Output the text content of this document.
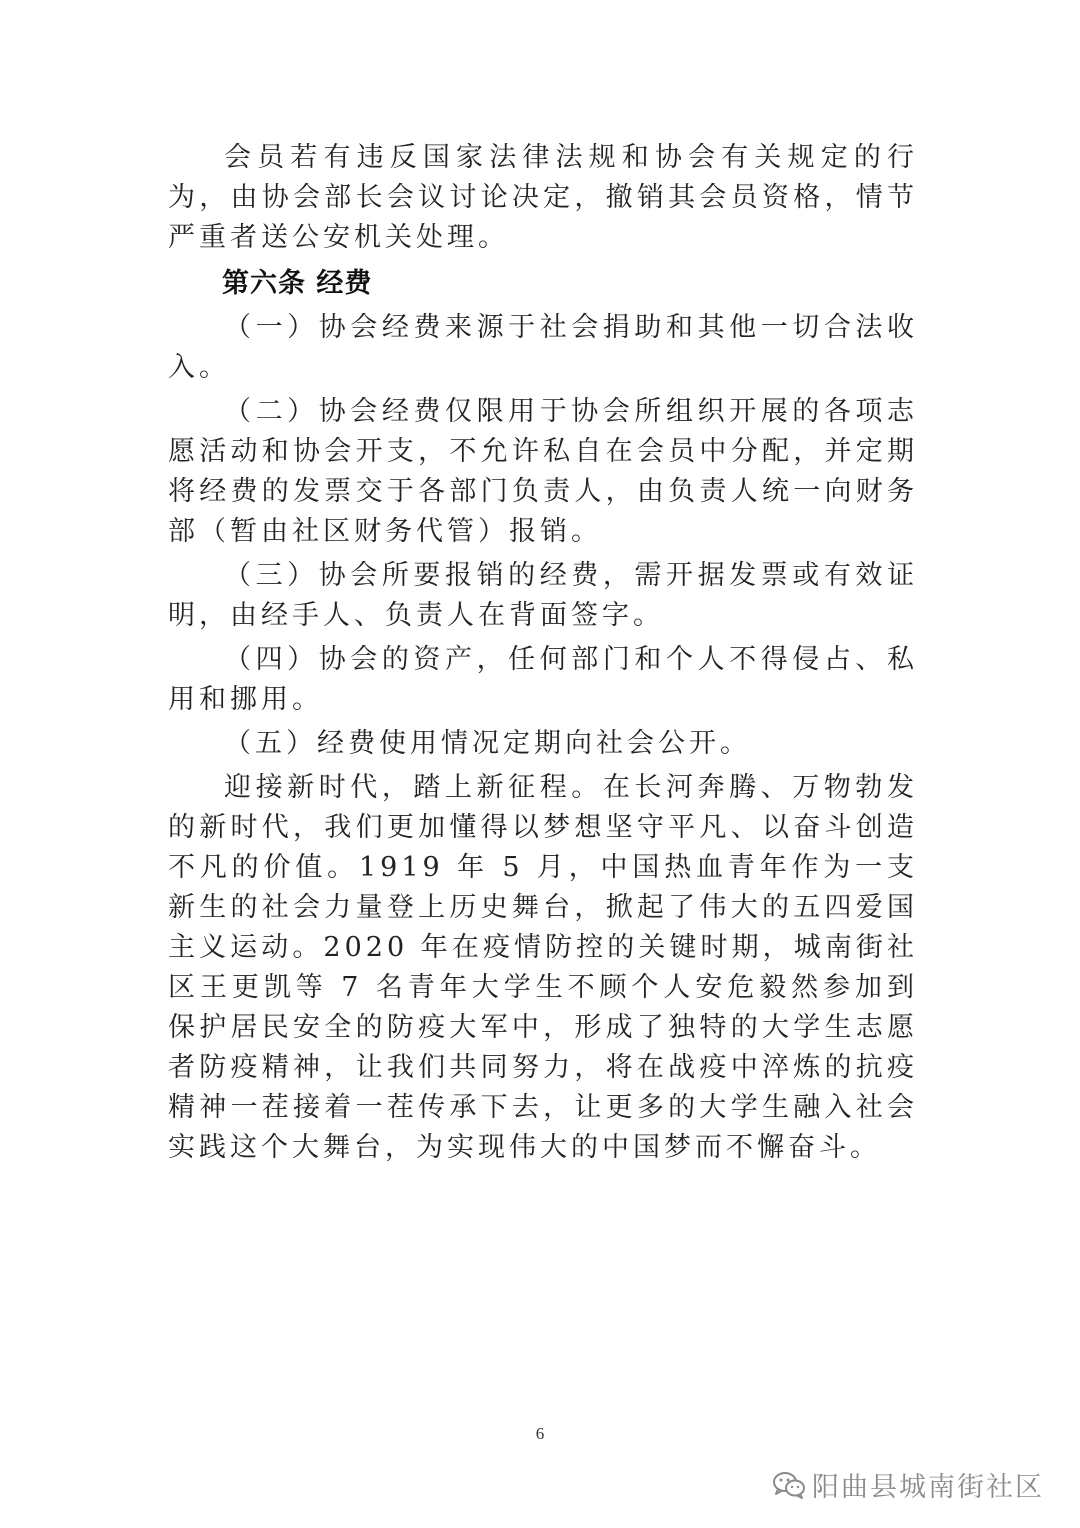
会员若有违反国家法律法规和协会有关规定的行为，由协会部长会议讨论决定，撤销其会员资格，情节严重者送公安机关处理。

第六条 经费

（一）协会经费来源于社会捐助和其他一切合法收入。

（二）协会经费仅限用于协会所组织开展的各项志愿活动和协会开支，不允许私自在会员中分配，并定期将经费的发票交于各部门负责人，由负责人统一向财务部（暂由社区财务代管）报销。

（三）协会所要报销的经费，需开据发票或有效证明，由经手人、负责人在背面签字。

（四）协会的资产，任何部门和个人不得侵占、私用和挪用。

（五）经费使用情况定期向社会公开。

迎接新时代，踏上新征程。在长河奔腾、万物勃发的新时代，我们更加懂得以梦想坚守平凡、以奋斗创造不凡的价值。1919 年 5 月，中国热血青年作为一支新生的社会力量登上历史舞台，掀起了伟大的五四爱国主义运动。2020 年在疫情防控的关键时期，城南街社区王更凯等 7 名青年大学生不顾个人安危毅然参加到保护居民安全的防疫大军中，形成了独特的大学生志愿者防疫精神，让我们共同努力，将在战疫中淬炼的抗疫精神一茬接着一茬传承下去，让更多的大学生融入社会实践这个大舞台，为实现伟大的中国梦而不懈奋斗。

6
阳曲县城南街社区
